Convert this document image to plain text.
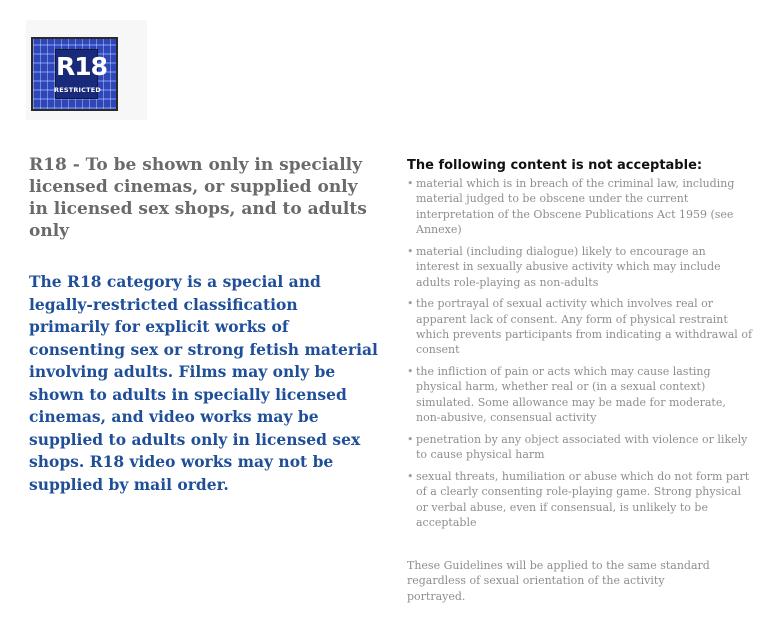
R18
RESTRICTED
R18 - To be shown only in specially licensed cinemas, or supplied only in licensed sex shops, and to adults only

The R18 category is a special and legally-restricted classification primarily for explicit works of consenting sex or strong fetish material involving adults. Films may only be shown to adults in specially licensed cinemas, and video works may be supplied to adults only in licensed sex shops. R18 video works may not be supplied by mail order.

The following content is not acceptable:
• material which is in breach of the criminal law, including material judged to be obscene under the current interpretation of the Obscene Publications Act 1959 (see Annexe)
• material (including dialogue) likely to encourage an interest in sexually abusive activity which may include adults role-playing as non-adults
• the portrayal of sexual activity which involves real or apparent lack of consent. Any form of physical restraint which prevents participants from indicating a withdrawal of consent
• the infliction of pain or acts which may cause lasting physical harm, whether real or (in a sexual context) simulated. Some allowance may be made for moderate, non-abusive, consensual activity
• penetration by any object associated with violence or likely to cause physical harm
• sexual threats, humiliation or abuse which do not form part of a clearly consenting role-playing game. Strong physical or verbal abuse, even if consensual, is unlikely to be acceptable

These Guidelines will be applied to the same standard regardless of sexual orientation of the activity portrayed.
